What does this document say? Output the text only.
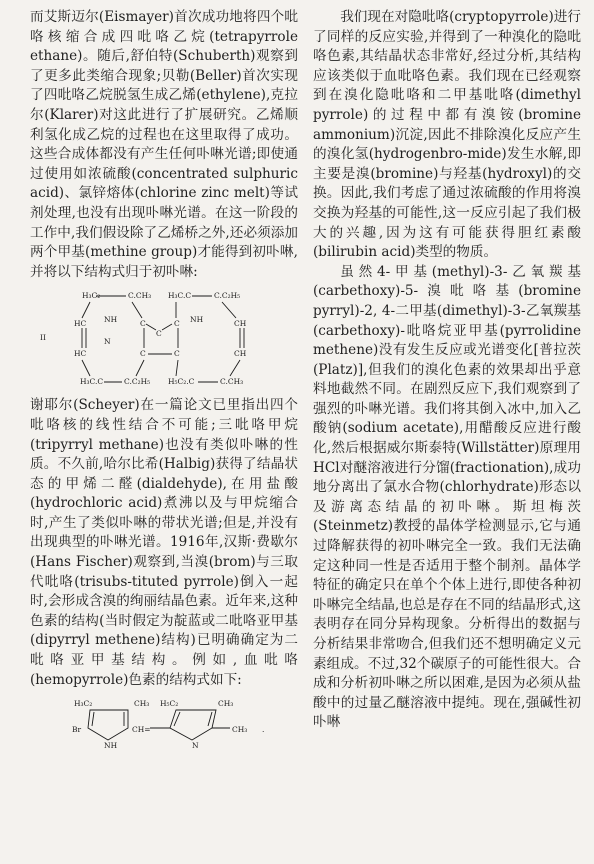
而艾斯迈尔(Eismayer)首次成功地将四个吡咯核缩合成四吡咯乙烷(tetrapyrrole ethane)。随后,舒伯特(Schuberth)观察到了更多此类缩合现象;贝勒(Beller)首次实现了四吡咯乙烷脱氢生成乙烯(ethylene),克拉尔(Klarer)对这此进行了扩展研究。乙烯顺利氢化成乙烷的过程也在这里取得了成功。这些合成体都没有产生任何卟啉光谱;即使通过使用如浓硫酸(concentrated sulphuric acid)、氯锌熔体(chlorine zinc melt)等试剂处理,也没有出现卟啉光谱。在这一阶段的工作中,我们假设除了乙烯桥之外,还必须添加两个甲基(methine group)才能得到初卟啉,并将以下结构式归于初卟啉:

II
H₃C₂	C.CH₃ H₃C.C	C.C₂H₅
HC	C
NH
C
NH
C	CH
N
HC	C	C	CH
H₃C.C	C.C₂H₅ H₅C₂.C	C.CH₃

谢耶尔(Scheyer)在一篇论文已里指出四个吡咯核的线性结合不可能;三吡咯甲烷(tripyrryl methane)也没有类似卟啉的性质。不久前,哈尔比希(Halbig)获得了结晶状态的甲烯二醛(dialdehyde),在用盐酸(hydrochloric acid)煮沸以及与甲烷缩合时,产生了类似卟啉的带状光谱;但是,并没有出现典型的卟啉光谱。1916年,汉斯·费歇尔(Hans Fischer)观察到,当溴(brom)与三取代吡咯(trisubs-tituted pyrrole)倒入一起时,会形成含溴的绚丽结晶色素。近年来,这种色素的结构(当时假定为靛蓝或二吡咯亚甲基(dipyrryl methene)结构)已明确确定为二吡咯亚甲基结构。例如,血吡咯(hemopyrrole)色素的结构式如下:

H₃C₂	CH₃ H₅C₂	CH₃
Br	CH=	CH₃ .
NH	N

我们现在对隐吡咯(cryptopyrrole)进行了同样的反应实验,并得到了一种溴化的隐吡咯色素,其结晶状态非常好,经过分析,其结构应该类似于血吡咯色素。我们现在已经观察到在溴化隐吡咯和二甲基吡咯(dimethyl pyrrole)的过程中都有溴铵(bromine ammonium)沉淀,因此不排除溴化反应产生的溴化氢(hydrogenbro-mide)发生水解,即主要是溴(bromine)与羟基(hydroxyl)的交换。因此,我们考虑了通过浓硫酸的作用将溴交换为羟基的可能性,这一反应引起了我们极大的兴趣,因为这有可能获得胆红素酸(bilirubin acid)类型的物质。

虽然4-甲基(methyl)-3-乙氧羰基(carbethoxy)-5-溴吡咯基(bromine pyrryl)-2, 4-二甲基(dimethyl)-3-乙氧羰基(carbethoxy)-吡咯烷亚甲基(pyrrolidine methene)没有发生反应或光谱变化[普拉茨(Platz)],但我们的溴化色素的效果却出乎意料地截然不同。在剧烈反应下,我们观察到了强烈的卟啉光谱。我们将其倒入冰中,加入乙酸钠(sodium acetate),用醋酸反应进行酸化,然后根据威尔斯泰特(Willstätter)原理用HCl对醚溶液进行分馏(fractionation),成功地分离出了氯水合物(chlorhydrate)形态以及游离态结晶的初卟啉。斯坦梅茨(Steinmetz)教授的晶体学检测显示,它与通过降解获得的初卟啉完全一致。我们无法确定这种同一性是否适用于整个制剂。晶体学特征的确定只在单个个体上进行,即使各种初卟啉完全结晶,也总是存在不同的结晶形式,这表明存在同分异构现象。分析得出的数据与分析结果非常吻合,但我们还不想明确定义元素组成。不过,32个碳原子的可能性很大。合成和分析初卟啉之所以困难,是因为必须从盐酸中的过量乙醚溶液中提纯。现在,强碱性初卟啉
